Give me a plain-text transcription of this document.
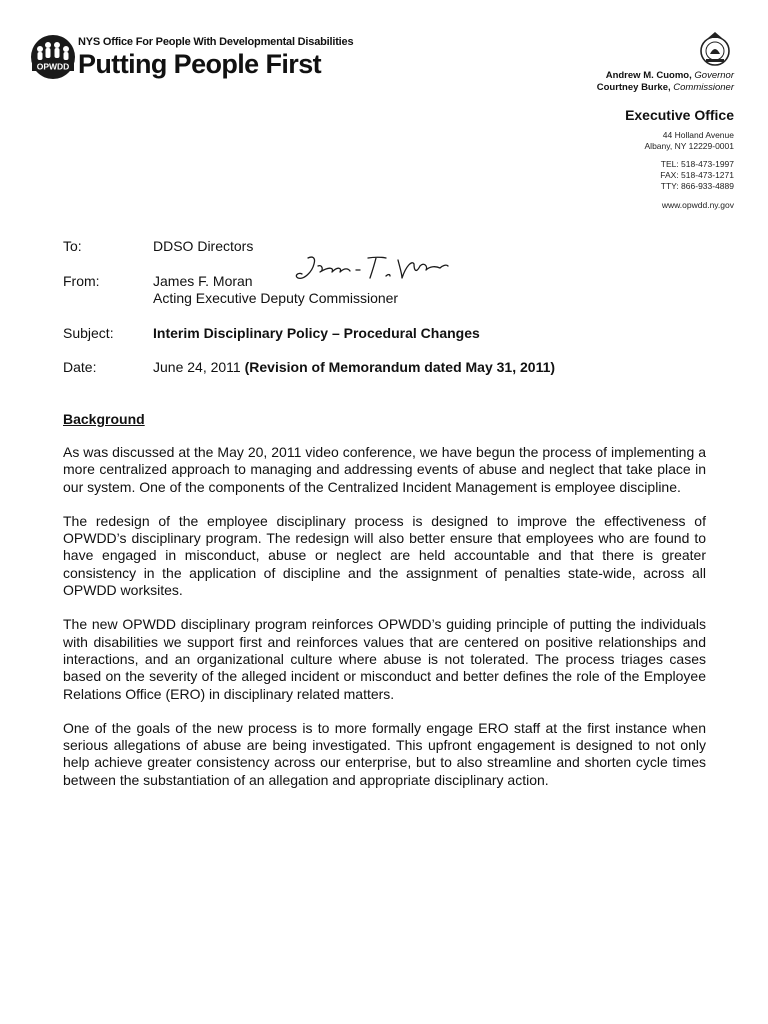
OPWDD
NYS Office For People With Developmental Disabilities
Putting People First	Andrew M. Cuomo, Governor
Courtney Burke, Commissioner
Executive Office
44 Holland Avenue
Albany, NY 12229-0001
TEL: 518-473-1997
FAX: 518-473-1271
TTY: 866-933-4889
www.opwdd.ny.gov
To:	DDSO Directors
From:	James F. Moran
Acting Executive Deputy Commissioner
Subject:	Interim Disciplinary Policy – Procedural Changes
Date:	June 24, 2011 (Revision of Memorandum dated May 31, 2011)
Background

As was discussed at the May 20, 2011 video conference, we have begun the process of implementing a more centralized approach to managing and addressing events of abuse and neglect that take place in our system. One of the components of the Centralized Incident Management is employee discipline.

The redesign of the employee disciplinary process is designed to improve the effectiveness of OPWDD’s disciplinary program. The redesign will also better ensure that employees who are found to have engaged in misconduct, abuse or neglect are held accountable and that there is greater consistency in the application of discipline and the assignment of penalties state-wide, across all OPWDD worksites.

The new OPWDD disciplinary program reinforces OPWDD’s guiding principle of putting the individuals with disabilities we support first and reinforces values that are centered on positive relationships and interactions, and an organizational culture where abuse is not tolerated. The process triages cases based on the severity of the alleged incident or misconduct and better defines the role of the Employee Relations Office (ERO) in disciplinary related matters.

One of the goals of the new process is to more formally engage ERO staff at the first instance when serious allegations of abuse are being investigated. This upfront engagement is designed to not only help achieve greater consistency across our enterprise, but to also streamline and shorten cycle times between the substantiation of an allegation and appropriate disciplinary action.
